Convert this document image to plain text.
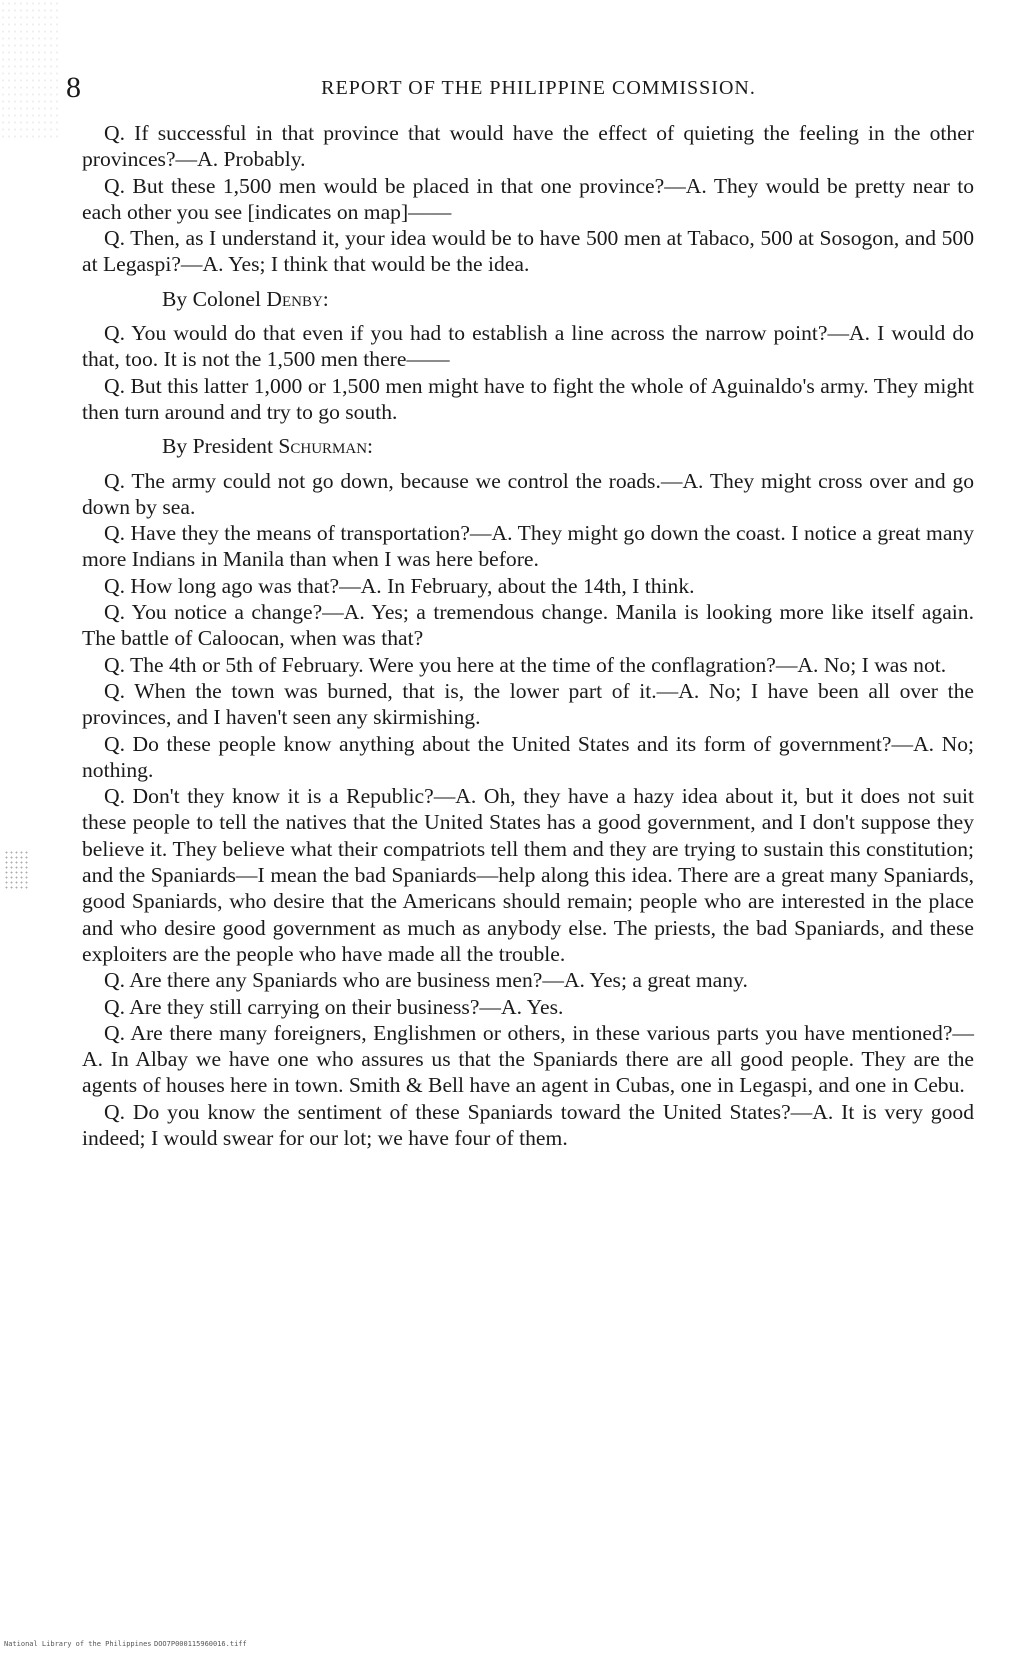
8	REPORT OF THE PHILIPPINE COMMISSION.

Q. If successful in that province that would have the effect of quieting the feeling in the other provinces?—A. Probably.

Q. But these 1,500 men would be placed in that one province?—A. They would be pretty near to each other you see [indicates on map]——

Q. Then, as I understand it, your idea would be to have 500 men at Tabaco, 500 at Sosogon, and 500 at Legaspi?—A. Yes; I think that would be the idea.

By Colonel Denby:

Q. You would do that even if you had to establish a line across the narrow point?—A. I would do that, too. It is not the 1,500 men there——

Q. But this latter 1,000 or 1,500 men might have to fight the whole of Aguinaldo's army. They might then turn around and try to go south.

By President Schurman:

Q. The army could not go down, because we control the roads.—A. They might cross over and go down by sea.

Q. Have they the means of transportation?—A. They might go down the coast. I notice a great many more Indians in Manila than when I was here before.

Q. How long ago was that?—A. In February, about the 14th, I think.

Q. You notice a change?—A. Yes; a tremendous change. Manila is looking more like itself again. The battle of Caloocan, when was that?

Q. The 4th or 5th of February. Were you here at the time of the conflagration?—A. No; I was not.

Q. When the town was burned, that is, the lower part of it.—A. No; I have been all over the provinces, and I haven't seen any skirmishing.

Q. Do these people know anything about the United States and its form of government?—A. No; nothing.

Q. Don't they know it is a Republic?—A. Oh, they have a hazy idea about it, but it does not suit these people to tell the natives that the United States has a good government, and I don't suppose they believe it. They believe what their compatriots tell them and they are trying to sustain this constitution; and the Spaniards—I mean the bad Spaniards—help along this idea. There are a great many Spaniards, good Spaniards, who desire that the Americans should remain; people who are interested in the place and who desire good government as much as anybody else. The priests, the bad Spaniards, and these exploiters are the people who have made all the trouble.

Q. Are there any Spaniards who are business men?—A. Yes; a great many.

Q. Are they still carrying on their business?—A. Yes.

Q. Are there many foreigners, Englishmen or others, in these various parts you have mentioned?—A. In Albay we have one who assures us that the Spaniards there are all good people. They are the agents of houses here in town. Smith & Bell have an agent in Cubas, one in Legaspi, and one in Cebu.

Q. Do you know the sentiment of these Spaniards toward the United States?—A. It is very good indeed; I would swear for our lot; we have four of them.

National Library of the Philippines DOO7P000115960016.tiff
